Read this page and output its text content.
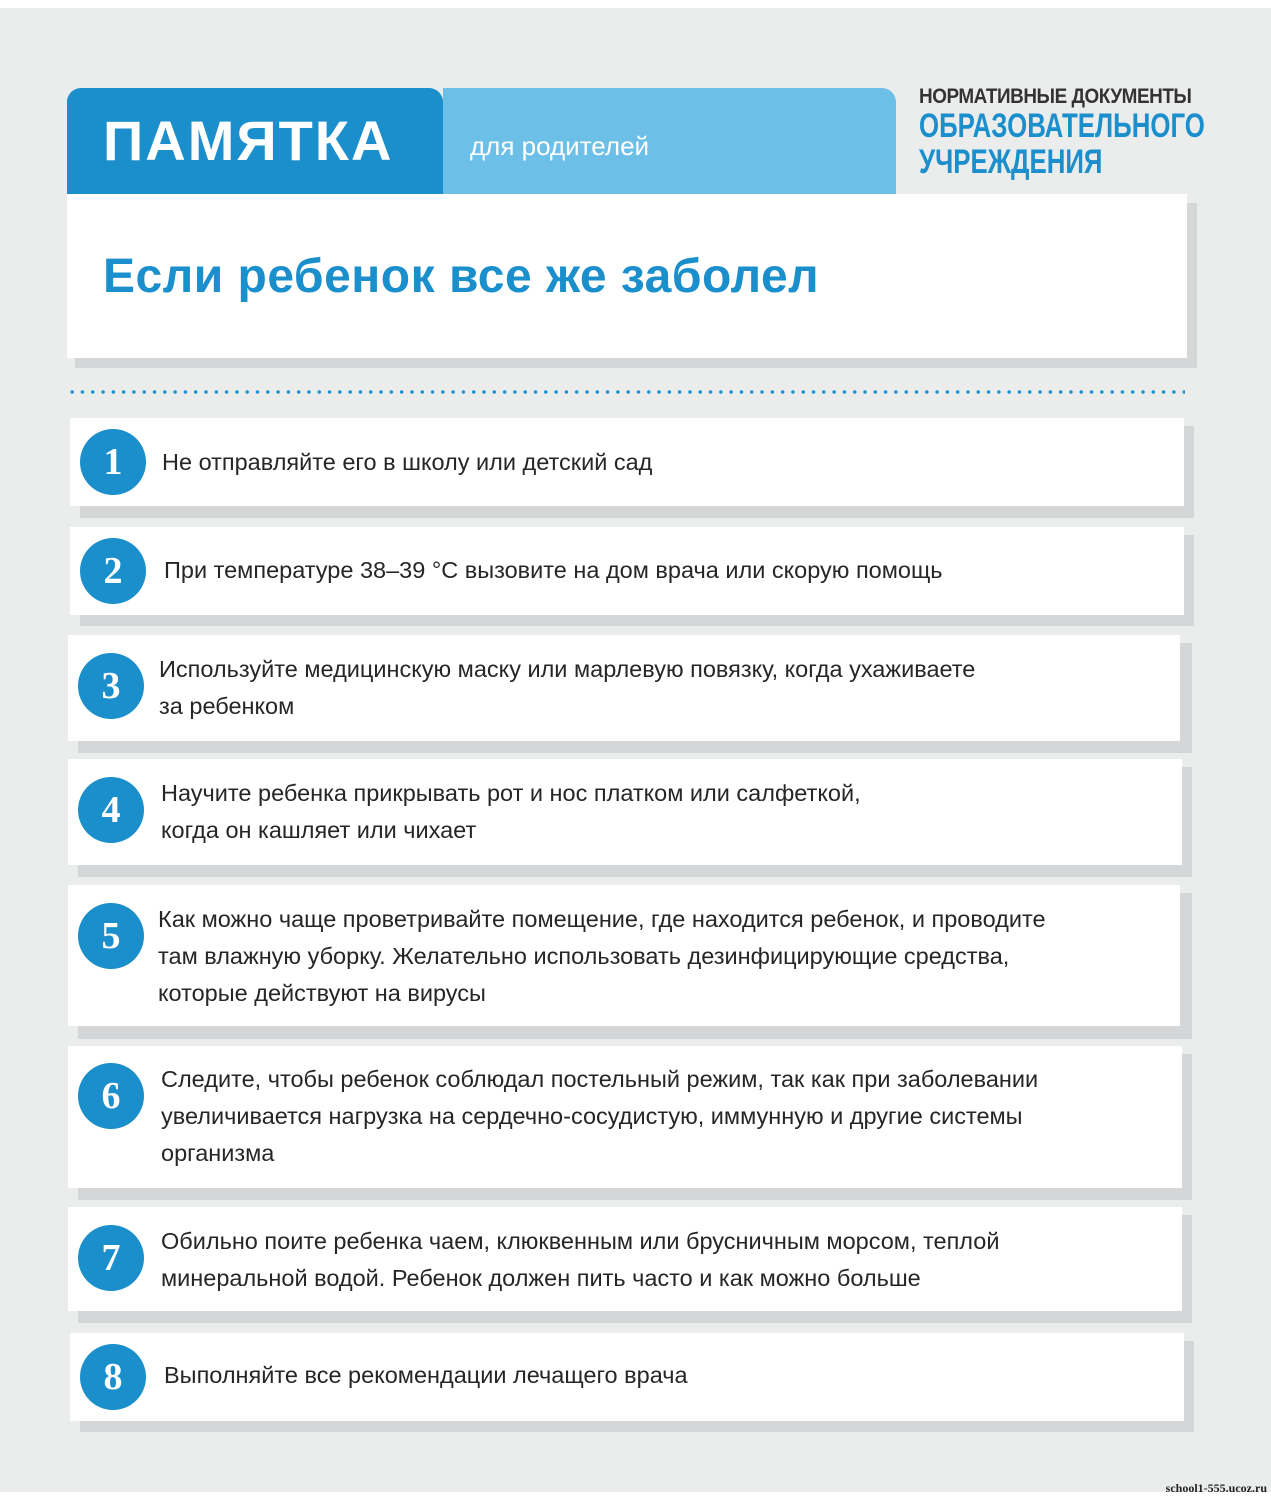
ПАМЯТКА	для родителей
НОРМАТИВНЫЕ ДОКУМЕНТЫ
ОБРАЗОВАТЕЛЬНОГО
УЧРЕЖДЕНИЯ
Если ребенок все же заболел
1	Не отправляйте его в школу или детский сад
2	При температуре 38–39 °С вызовите на дом врача или скорую помощь
3	Используйте медицинскую маску или марлевую повязку, когда ухаживаете
за ребенком
4	Научите ребенка прикрывать рот и нос платком или салфеткой,
когда он кашляет или чихает
5	Как можно чаще проветривайте помещение, где находится ребенок, и проводите
там влажную уборку. Желательно использовать дезинфицирующие средства,
которые действуют на вирусы
6	Следите, чтобы ребенок соблюдал постельный режим, так как при заболевании
увеличивается нагрузка на сердечно-сосудистую, иммунную и другие системы
организма
7	Обильно поите ребенка чаем, клюквенным или брусничным морсом, теплой
минеральной водой. Ребенок должен пить часто и как можно больше
8	Выполняйте все рекомендации лечащего врача
school1-555.ucoz.ru
